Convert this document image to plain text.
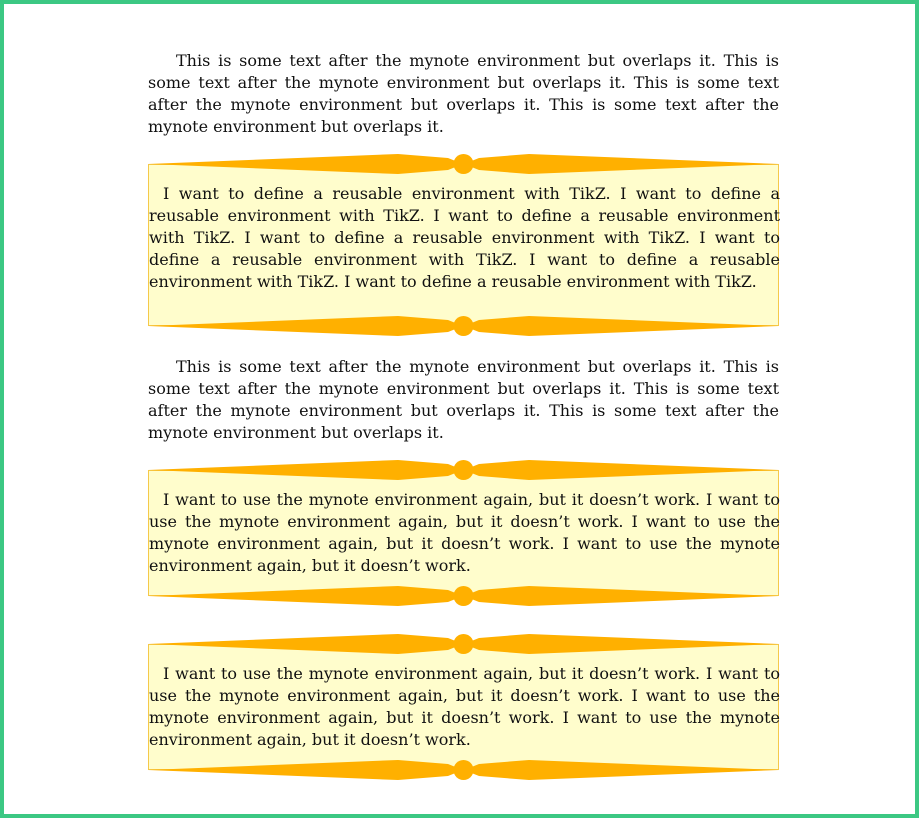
This is some text after the mynote environment but overlaps it. This is some text after the mynote environment but overlaps it. This is some text after the mynote environment but overlaps it. This is some text after the mynote environment but overlaps it.

I want to define a reusable environment with TikZ. I want to define a reusable environment with TikZ. I want to define a reusable environment with TikZ. I want to define a reusable environment with TikZ. I want to define a reusable environment with TikZ. I want to define a reusable environment with TikZ. I want to define a reusable environment with TikZ.

This is some text after the mynote environment but overlaps it. This is some text after the mynote environment but overlaps it. This is some text after the mynote environment but overlaps it. This is some text after the mynote environment but overlaps it.

I want to use the mynote environment again, but it doesn’t work. I want to use the mynote environment again, but it doesn’t work. I want to use the mynote environment again, but it doesn’t work. I want to use the mynote environment again, but it doesn’t work.

I want to use the mynote environment again, but it doesn’t work. I want to use the mynote environment again, but it doesn’t work. I want to use the mynote environment again, but it doesn’t work. I want to use the mynote environment again, but it doesn’t work.
